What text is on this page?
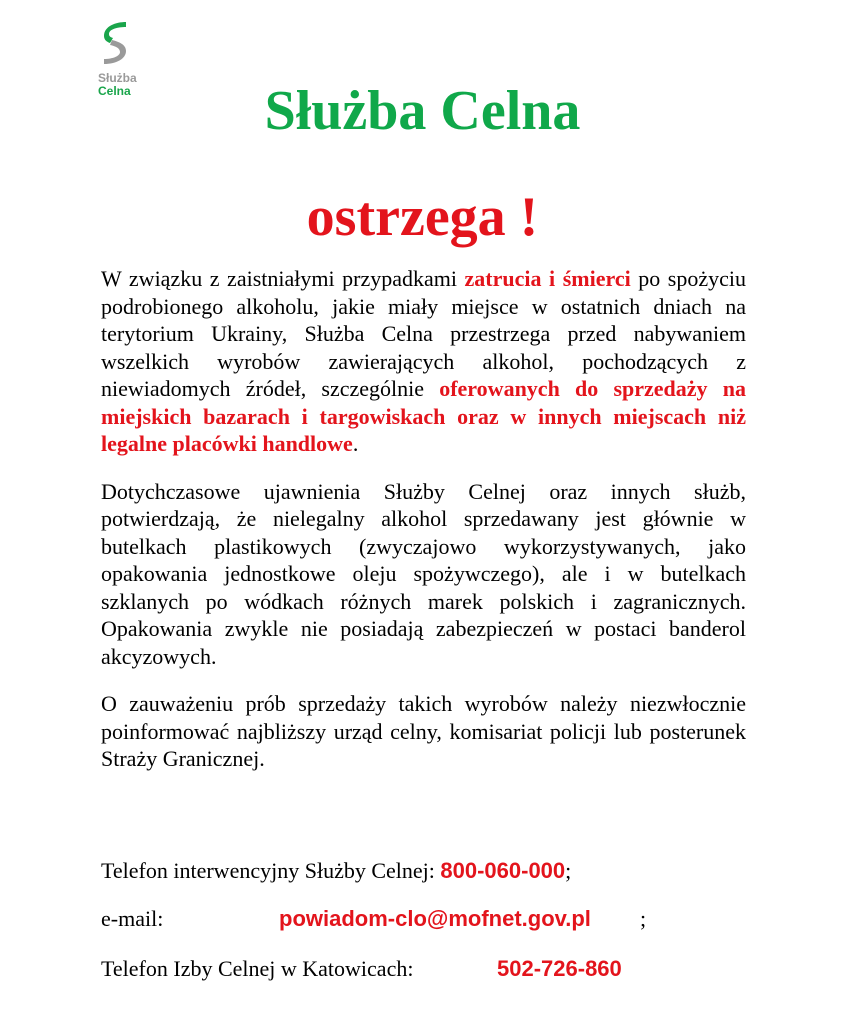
Służba
Celna	Służba Celna
ostrzega !

W związku z zaistniałymi przypadkami zatrucia i śmierci po spożyciu podrobionego alkoholu, jakie miały miejsce w ostatnich dniach na terytorium Ukrainy, Służba Celna przestrzega przed nabywaniem wszelkich wyrobów zawierających alkohol, pochodzących z niewiadomych źródeł, szczególnie oferowanych do sprzedaży na miejskich bazarach i targowiskach oraz w innych miejscach niż legalne placówki handlowe.

Dotychczasowe ujawnienia Służby Celnej oraz innych służb, potwierdzają, że nielegalny alkohol sprzedawany jest głównie w butelkach plastikowych (zwyczajowo wykorzystywanych, jako opakowania jednostkowe oleju spożywczego), ale i w butelkach szklanych po wódkach różnych marek polskich i zagranicznych. Opakowania zwykle nie posiadają zabezpieczeń w postaci banderol akcyzowych.

O zauważeniu prób sprzedaży takich wyrobów należy niezwłocznie poinformować najbliższy urząd celny, komisariat policji lub posterunek Straży Granicznej.

Telefon interwencyjny Służby Celnej: 800-060-000;

e-mail:	powiadom-clo@mofnet.gov.pl ;

Telefon Izby Celnej w Katowicach:	502-726-860
